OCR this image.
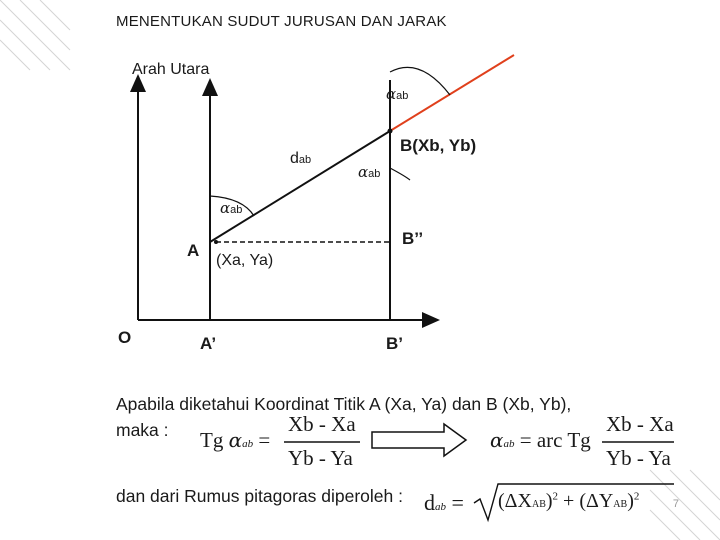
MENENTUKAN SUDUT JURUSAN DAN JARAK
Arah Utara
αab
B(Xb, Yb)
dab
αab
αab
B’’
A
(Xa, Ya)
O	A’	B’
Apabila diketahui Koordinat Titik A (Xa, Ya) dan B (Xb, Yb),
maka : Tg αab =
Xb - Xa
Yb - Ya
αab = arc Tg
Xb - Xa
Yb - Ya
dan dari Rumus pitagoras diperoleh : dab = $(\Delta XAB)^2 + (\Delta YAB)^2$
7
